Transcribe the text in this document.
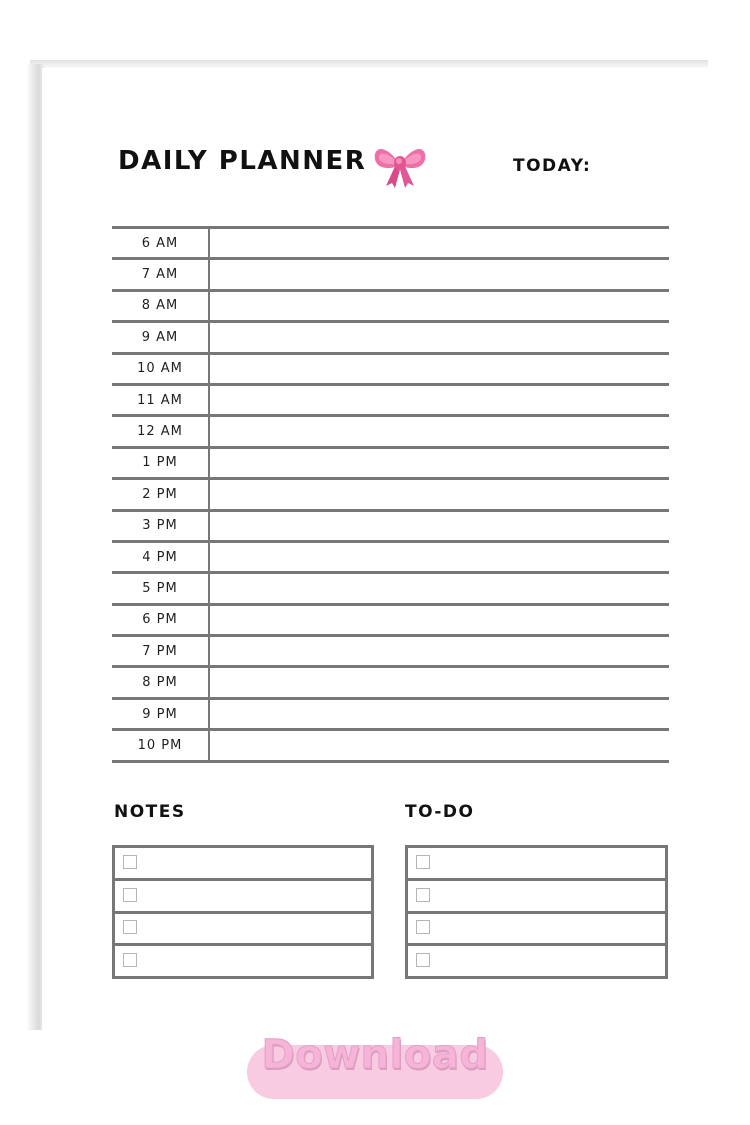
DAILY PLANNER	TODAY:
6 AM
7 AM
8 AM
9 AM
10 AM
11 AM
12 AM
1 PM
2 PM
3 PM
4 PM
5 PM
6 PM
7 PM
8 PM
9 PM
10 PM
NOTES	TO-DO
Download
